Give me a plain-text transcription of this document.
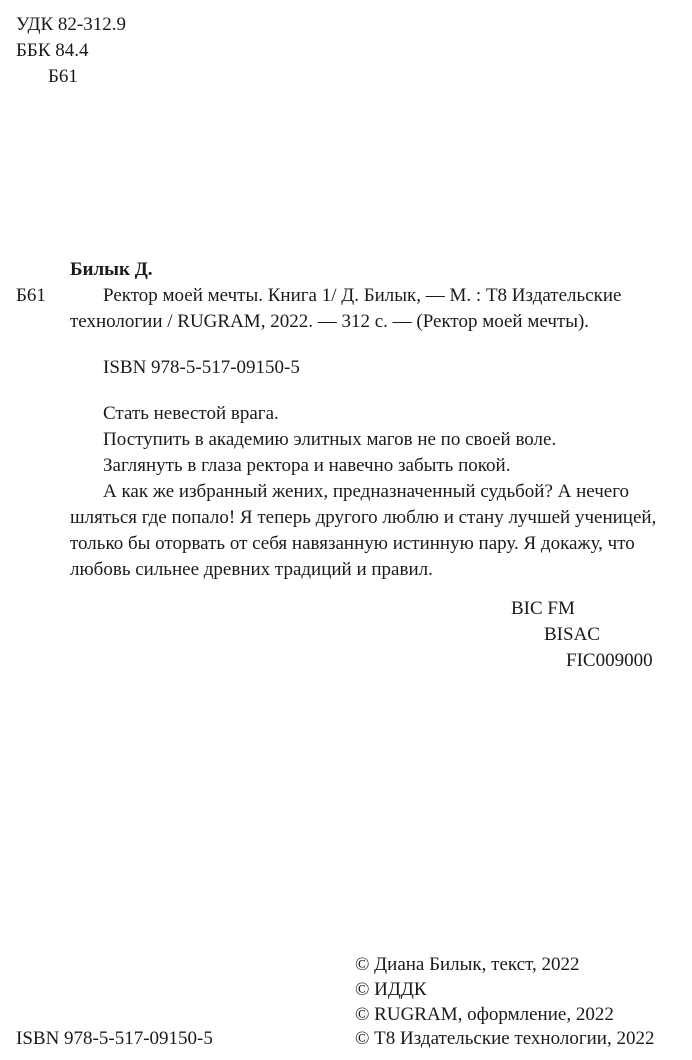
УДК 82-312.9
ББК 84.4
Б61
Билык Д.
Б61	Ректор моей мечты. Книга 1/ Д. Билык, — М. : Т8 Издательские
технологии / RUGRAM, 2022. — 312 с. — (Ректор моей мечты).
ISBN 978-5-517-09150-5
Стать невестой врага.
Поступить в академию элитных магов не по своей воле.
Заглянуть в глаза ректора и навечно забыть покой.
А как же избранный жених, предназначенный судьбой? А нечего
шляться где попало! Я теперь другого люблю и стану лучшей ученицей,
только бы оторвать от себя навязанную истинную пару. Я докажу, что
любовь сильнее древних традиций и правил.
BIC FM
BISAC
FIC009000
ISBN 978-5-517-09150-5
© Диана Билык, текст, 2022
© ИДДК
© RUGRAM, оформление, 2022
© Т8 Издательские технологии, 2022
